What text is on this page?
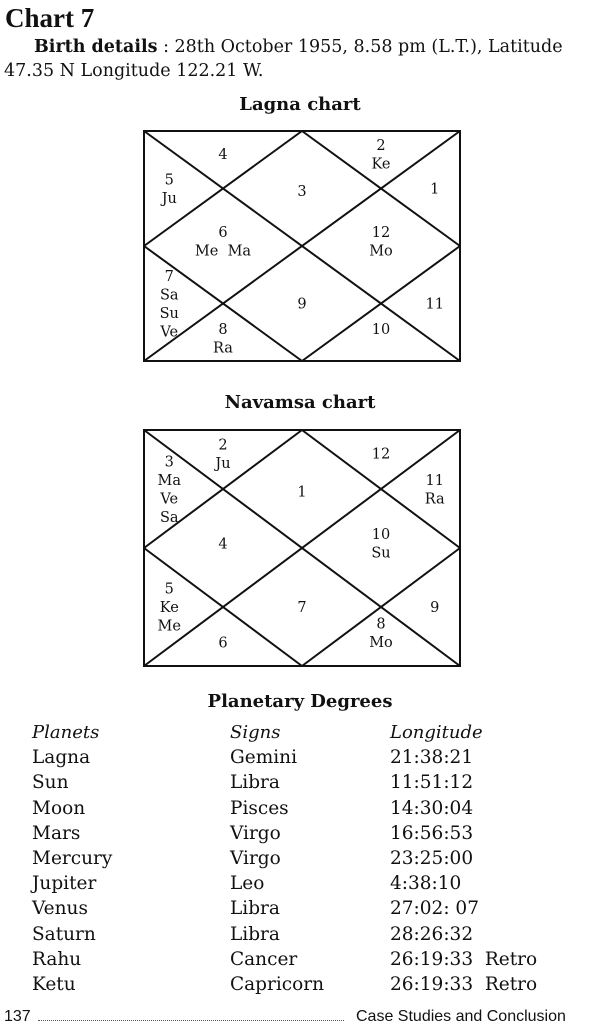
Chart 7
Birth details : 28th October 1955, 8.58 pm (L.T.), Latitude
47.35 N Longitude 122.21 W.
Lagna chart
3
4
5
Ju
6
Me  Ma
7
Sa
Su
Ve	8
Ra
9
10
11
12
Mo
1
2
Ke
Navamsa chart
1
2
Ju
3
Ma
Ve
Sa
4
5
Ke
Me
6
7
8
Mo
9
10
Su
11
Ra
12
Planetary Degrees
Planets	Signs	Longitude
Lagna	Gemini	21:38:21
Sun	Libra	11:51:12
Moon	Pisces	14:30:04
Mars	Virgo	16:56:53
Mercury	Virgo	23:25:00
Jupiter	Leo	4:38:10
Venus	Libra	27:02: 07
Saturn	Libra	28:26:32
Rahu	Cancer	26:19:33  Retro
Ketu	Capricorn	26:19:33  Retro
137	Case Studies and Conclusion
